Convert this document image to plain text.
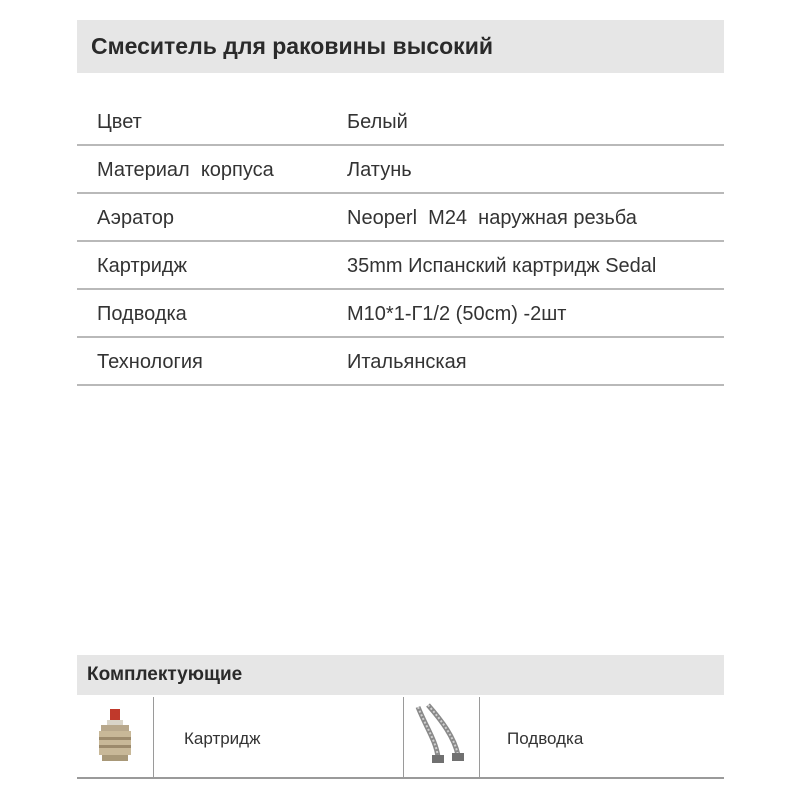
Смеситель для раковины высокий
Цвет	Белый
Материал  корпуса	Латунь
Аэратор	Neoperl  M24  наружная резьба
Картридж	35mm Испанский картридж Sedal
Подводка	M10*1-Г1/2 (50cm) -2шт
Технология	Итальянская
Комплектующие
Картридж	Подводка
